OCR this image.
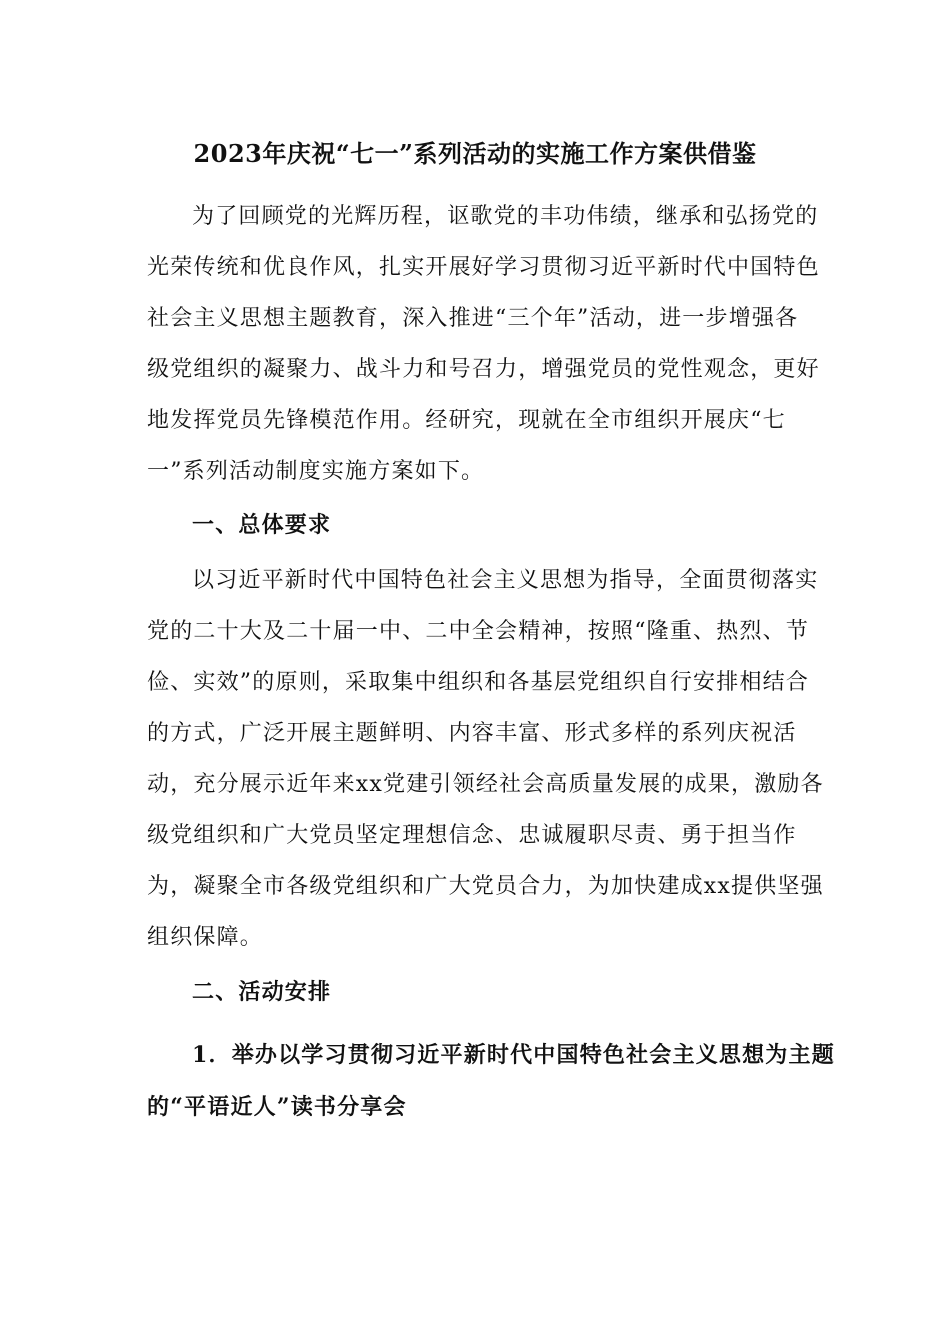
2023年庆祝“七一”系列活动的实施工作方案供借鉴
为了回顾党的光辉历程，讴歌党的丰功伟绩，继承和弘扬党的
光荣传统和优良作风，扎实开展好学习贯彻习近平新时代中国特色
社会主义思想主题教育，深入推进“三个年”活动，进一步增强各
级党组织的凝聚力、战斗力和号召力，增强党员的党性观念，更好
地发挥党员先锋模范作用。经研究，现就在全市组织开展庆“七
一”系列活动制度实施方案如下。
一、总体要求
以习近平新时代中国特色社会主义思想为指导，全面贯彻落实
党的二十大及二十届一中、二中全会精神，按照“隆重、热烈、节
俭、实效”的原则，采取集中组织和各基层党组织自行安排相结合
的方式，广泛开展主题鲜明、内容丰富、形式多样的系列庆祝活
动，充分展示近年来xx党建引领经社会高质量发展的成果，激励各
级党组织和广大党员坚定理想信念、忠诚履职尽责、勇于担当作
为，凝聚全市各级党组织和广大党员合力，为加快建成xx提供坚强
组织保障。
二、活动安排
1．举办以学习贯彻习近平新时代中国特色社会主义思想为主题
的“平语近人”读书分享会
